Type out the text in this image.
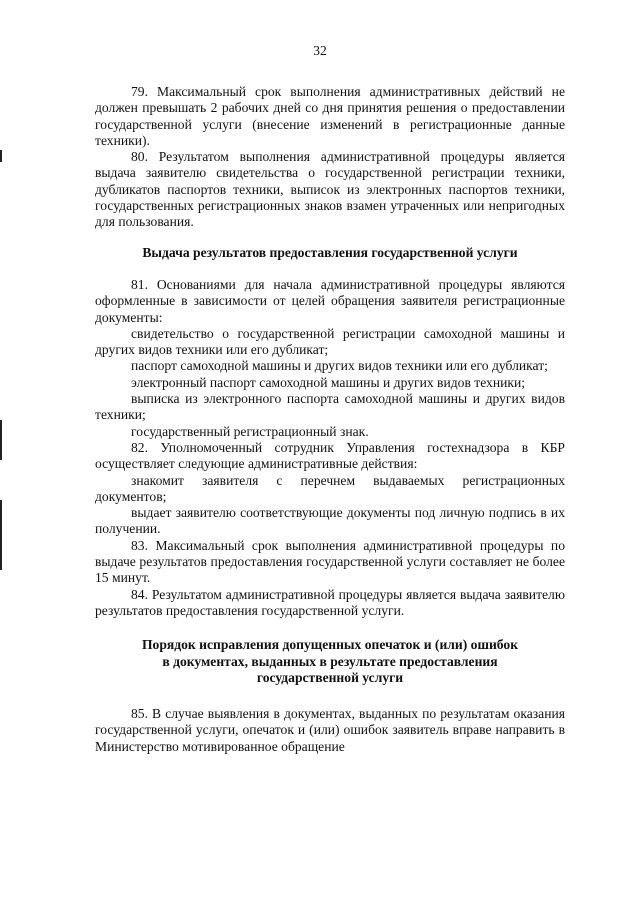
32

79. Максимальный срок выполнения административных действий не должен превышать 2 рабочих дней со дня принятия решения о предоставлении государственной услуги (внесение изменений в регистрационные данные техники).

80. Результатом выполнения административной процедуры является выдача заявителю свидетельства о государственной регистрации техники, дубликатов паспортов техники, выписок из электронных паспортов техники, государственных регистрационных знаков взамен утраченных или непригодных для пользования.

Выдача результатов предоставления государственной услуги

81. Основаниями для начала административной процедуры являются оформленные в зависимости от целей обращения заявителя регистрационные документы:

свидетельство о государственной регистрации самоходной машины и других видов техники или его дубликат;

паспорт самоходной машины и других видов техники или его дубликат;

электронный паспорт самоходной машины и других видов техники;

выписка из электронного паспорта самоходной машины и других видов техники;

государственный регистрационный знак.

82. Уполномоченный сотрудник Управления гостехнадзора в КБР осуществляет следующие административные действия:

знакомит заявителя с перечнем выдаваемых регистрационных документов;

выдает заявителю соответствующие документы под личную подпись в их получении.

83. Максимальный срок выполнения административной процедуры по выдаче результатов предоставления государственной услуги составляет не более 15 минут.

84. Результатом административной процедуры является выдача заявителю результатов предоставления государственной услуги.

Порядок исправления допущенных опечаток и (или) ошибок

в документах, выданных в результате предоставления

государственной услуги

85. В случае выявления в документах, выданных по результатам оказания государственной услуги, опечаток и (или) ошибок заявитель вправе направить в Министерство мотивированное обращение
